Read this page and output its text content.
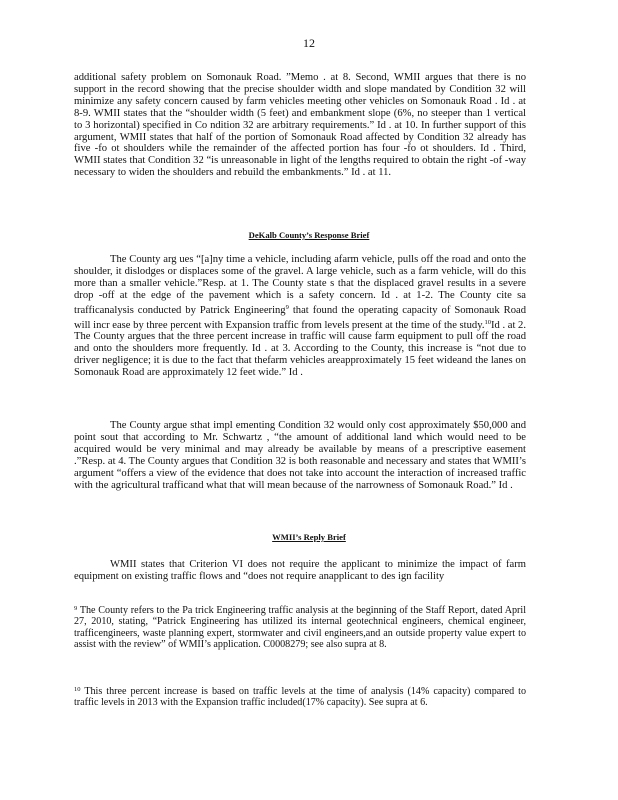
12

additional safety problem on Somonauk Road. ”Memo . at 8. Second, WMII argues that there is no support in the record showing that the precise shoulder width and slope mandated by Condition 32 will minimize any safety concern caused by farm vehicles meeting other vehicles on Somonauk Road . Id . at 8-9. WMII states that the “shoulder width (5 feet) and embankment slope (6%, no steeper than 1 vertical to 3 horizontal) specified in Co ndition 32 are arbitrary requirements.” Id . at 10. In further support of this argument, WMII states that half of the portion of Somonauk Road affected by Condition 32 already has five -fo ot shoulders while the remainder of the affected portion has four -fo ot shoulders. Id . Third, WMII states that Condition 32 “is unreasonable in light of the lengths required to obtain the right -of -way necessary to widen the shoulders and rebuild the embankments.” Id . at 11.

DeKalb County’s Response Brief

The County arg ues “[a]ny time a vehicle, including afarm vehicle, pulls off the road and onto the shoulder, it dislodges or displaces some of the gravel. A large vehicle, such as a farm vehicle, will do this more than a smaller vehicle.”Resp. at 1. The County state s that the displaced gravel results in a severe drop -off at the edge of the pavement which is a safety concern. Id . at 1-2. The County cite sa trafficanalysis conducted by Patrick Engineering$^9$ that found the operating capacity of Somonauk Road will incr ease by three percent with Expansion traffic from levels present at the time of the study.$^{10}$Id . at 2. The County argues that the three percent increase in traffic will cause farm equipment to pull off the road and onto the shoulders more frequently. Id . at 3. According to the County, this increase is “not due to driver negligence; it is due to the fact that thefarm vehicles areapproximately 15 feet wideand the lanes on Somonauk Road are approximately 12 feet wide.” Id .

The County argue sthat impl ementing Condition 32 would only cost approximately $50,000 and point sout that according to Mr. Schwartz , “the amount of additional land which would need to be acquired would be very minimal and may already be available by means of a prescriptive easement .”Resp. at 4. The County argues that Condition 32 is both reasonable and necessary and states that WMII’s argument “offers a view of the evidence that does not take into account the interaction of increased traffic with the agricultural trafficand what that will mean because of the narrowness of Somonauk Road.” Id .

WMII’s Reply Brief

WMII states that Criterion VI does not require the applicant to minimize the impact of farm equipment on existing traffic flows and “does not require anapplicant to des ign facility

$^9$ The County refers to the Pa trick Engineering traffic analysis at the beginning of the Staff Report, dated April 27, 2010, stating, “Patrick Engineering has utilized its internal geotechnical engineers, chemical engineer, trafficengineers, waste planning expert, stormwater and civil engineers,and an outside property value expert to assist with the review” of WMII’s application. C0008279; see also supra at 8.
$^{10}$ This three percent increase is based on traffic levels at the time of analysis (14% capacity) compared to traffic levels in 2013 with the Expansion traffic included(17% capacity). See supra at 6.
